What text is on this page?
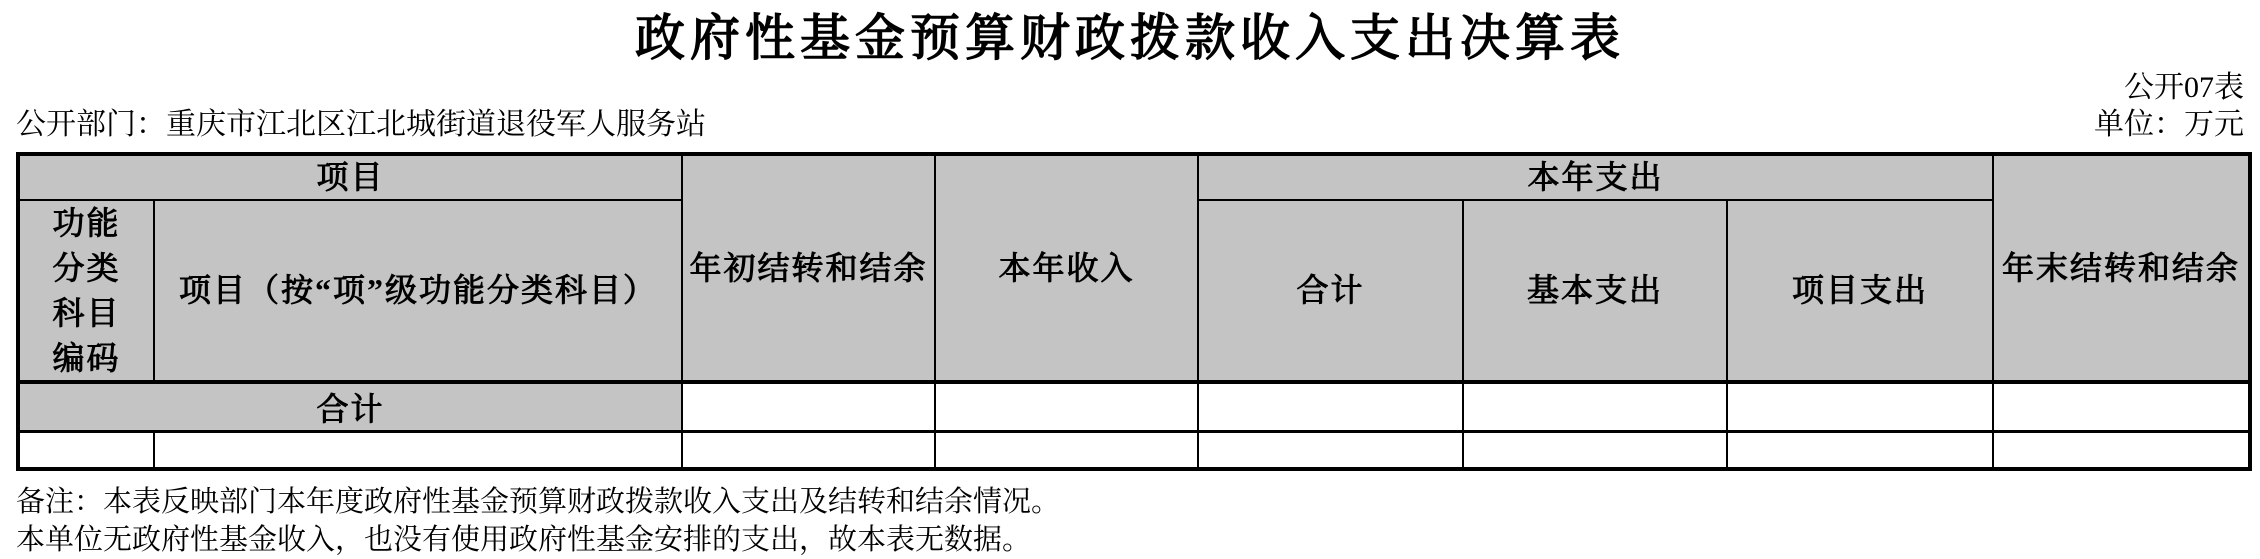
政府性基金预算财政拨款收入支出决算表
公开07表
公开部门：重庆市江北区江北城街道退役军人服务站	单位：万元
项目		年初结转和结余	本年收入	本年支出			年末结转和结余
功能分类科目编码	项目（按“项”级功能分类科目）			合计	基本支出	项目支出	
合计							

备注：本表反映部门本年度政府性基金预算财政拨款收入支出及结转和结余情况。
本单位无政府性基金收入，也没有使用政府性基金安排的支出，故本表无数据。
